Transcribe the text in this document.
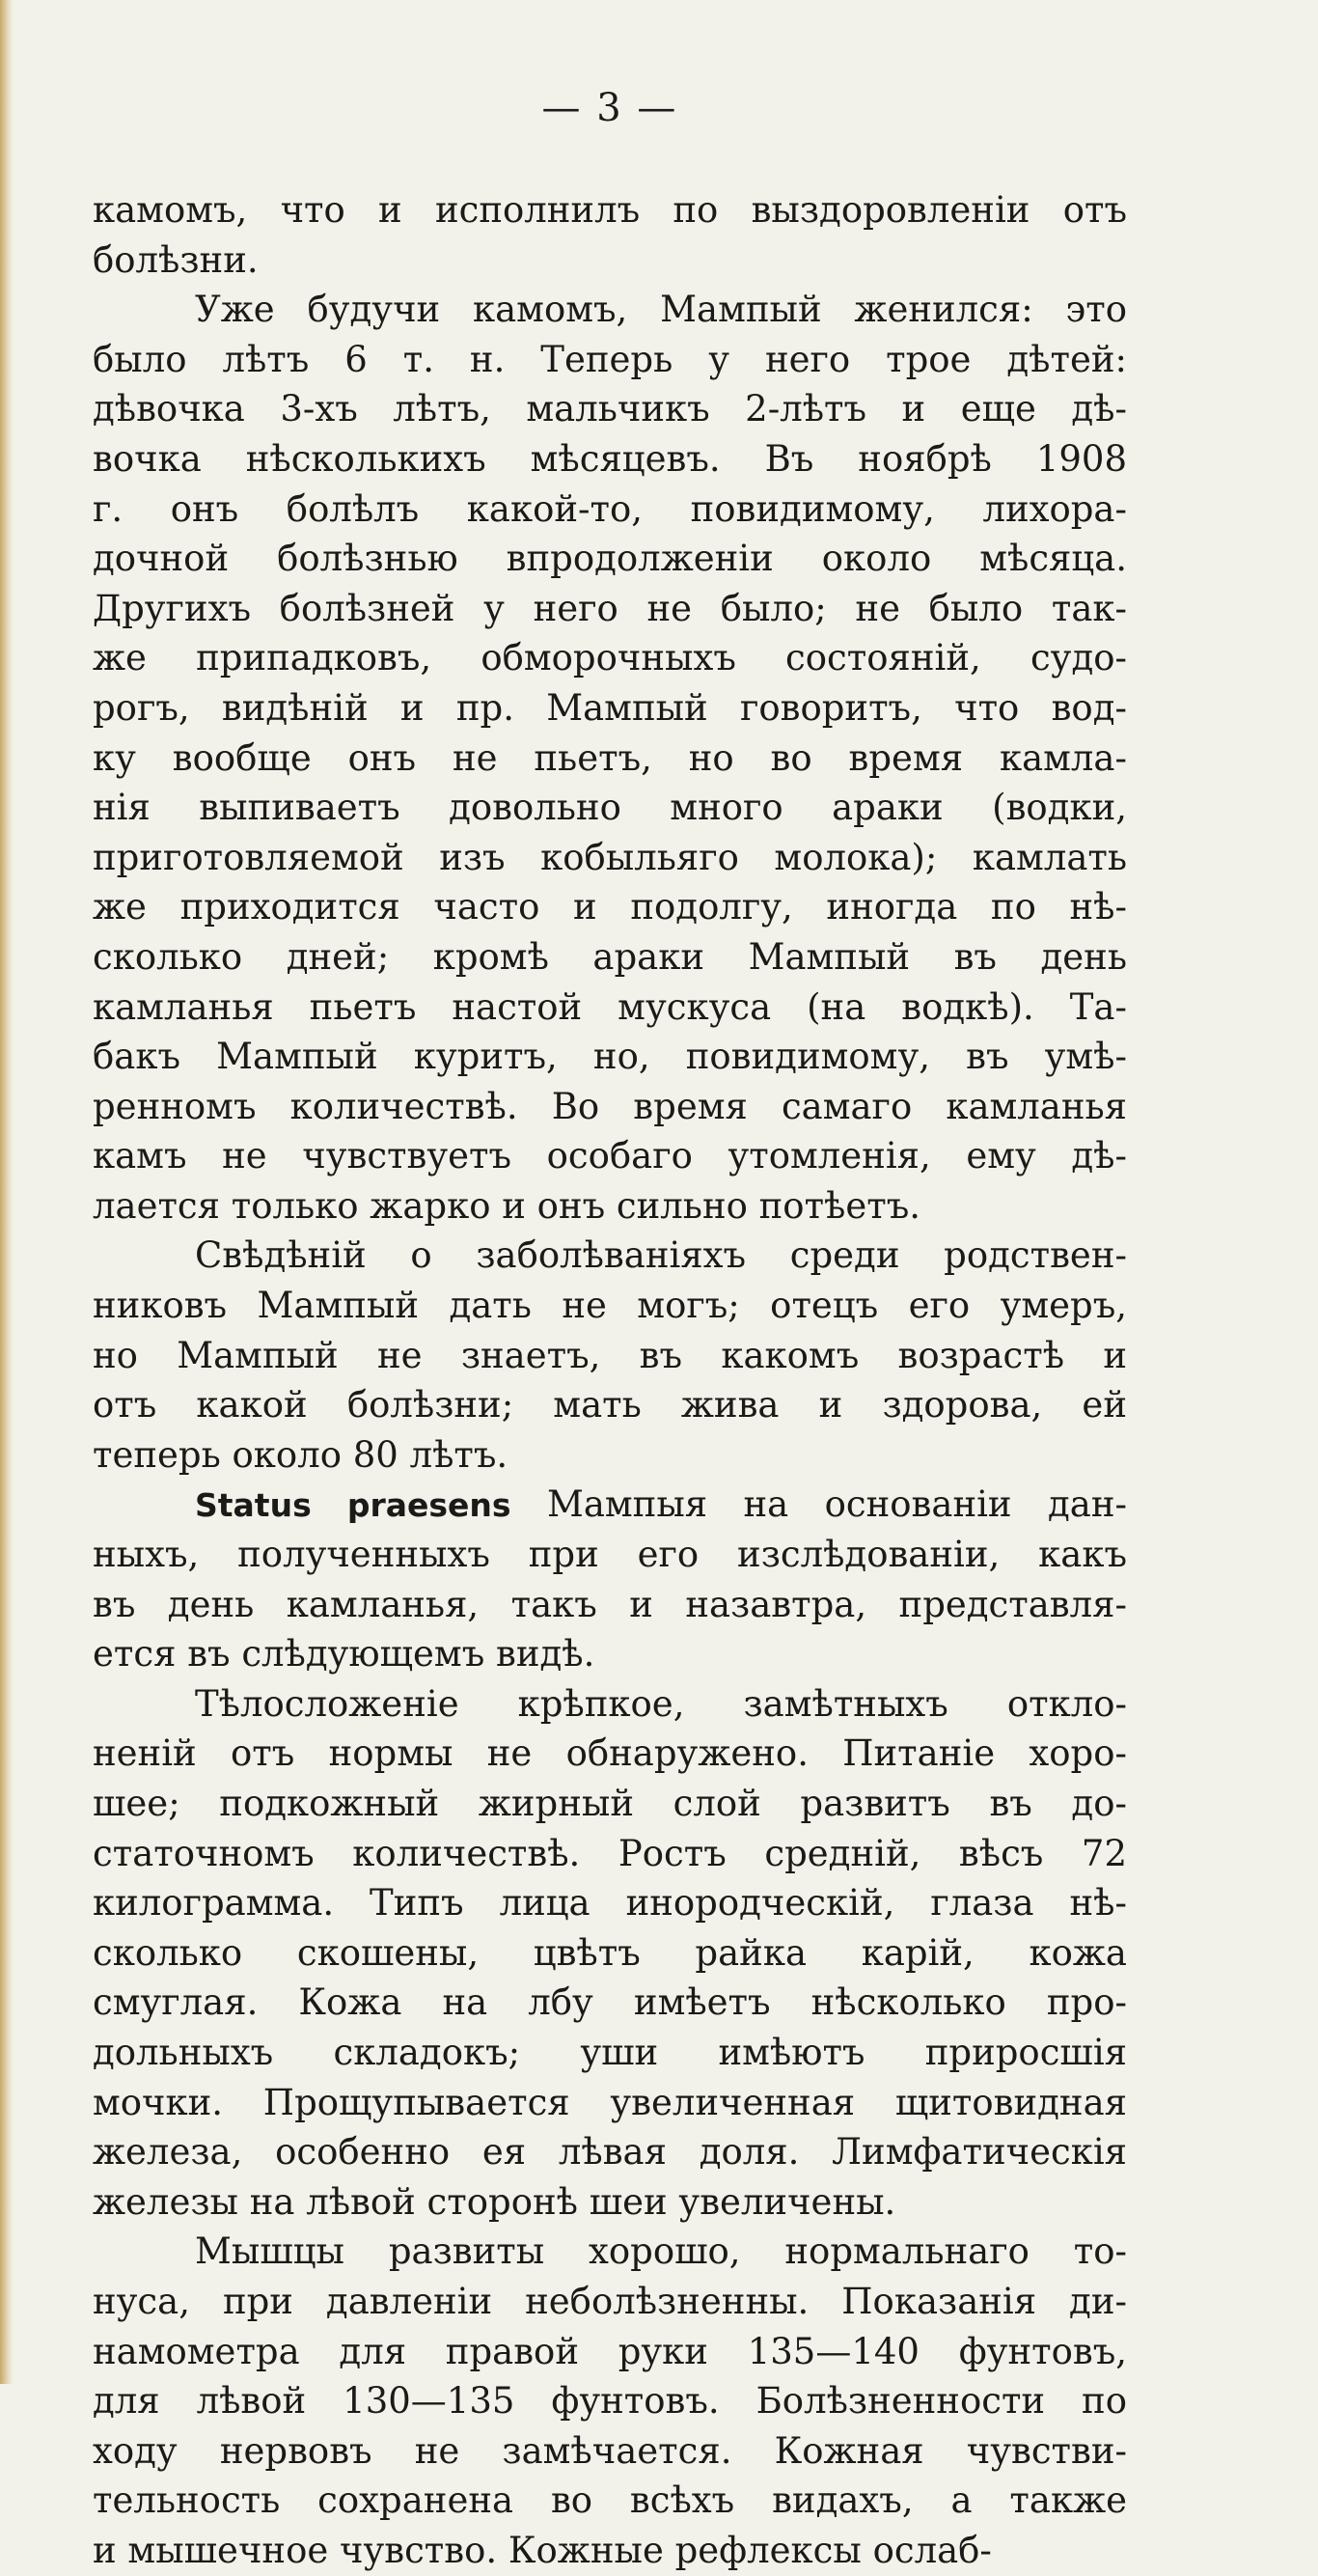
— 3 —
камомъ, что и исполнилъ по выздоровленіи отъ
болѣзни.
Уже будучи камомъ, Мампый женился: это
было лѣтъ 6 т. н. Теперь у него трое дѣтей:
дѣвочка 3-хъ лѣтъ, мальчикъ 2-лѣтъ и еще дѣ-
вочка нѣсколькихъ мѣсяцевъ. Въ ноябрѣ 1908
г. онъ болѣлъ какой-то, повидимому, лихора-
дочной болѣзнью впродолженіи около мѣсяца.
Другихъ болѣзней у него не было; не было так-
же припадковъ, обморочныхъ состояній, судо-
рогъ, видѣній и пр. Мампый говоритъ, что вод-
ку вообще онъ не пьетъ, но во время камла-
нія выпиваетъ довольно много араки (водки,
приготовляемой изъ кобыльяго молока); камлать
же приходится часто и подолгу, иногда по нѣ-
сколько дней; кромѣ араки Мампый въ день
камланья пьетъ настой мускуса (на водкѣ). Та-
бакъ Мампый куритъ, но, повидимому, въ умѣ-
ренномъ количествѣ. Во время самаго камланья
камъ не чувствуетъ особаго утомленія, ему дѣ-
лается только жарко и онъ сильно потѣетъ.
Свѣдѣній о заболѣваніяхъ среди родствен-
никовъ Мампый дать не могъ; отецъ его умеръ,
но Мампый не знаетъ, въ какомъ возрастѣ и
отъ какой болѣзни; мать жива и здорова, ей
теперь около 80 лѣтъ.
Status praesens Мампыя на основаніи дан-
ныхъ, полученныхъ при его изслѣдованіи, какъ
въ день камланья, такъ и назавтра, представля-
ется въ слѣдующемъ видѣ.
Тѣлосложеніе крѣпкое, замѣтныхъ откло-
неній отъ нормы не обнаружено. Питаніе хоро-
шее; подкожный жирный слой развитъ въ до-
статочномъ количествѣ. Ростъ средній, вѣсъ 72
килограмма. Типъ лица инородческій, глаза нѣ-
сколько скошены, цвѣтъ райка карій, кожа
смуглая. Кожа на лбу имѣетъ нѣсколько про-
дольныхъ складокъ; уши имѣютъ приросшія
мочки. Прощупывается увеличенная щитовидная
железа, особенно ея лѣвая доля. Лимфатическія
железы на лѣвой сторонѣ шеи увеличены.
Мышцы развиты хорошо, нормальнаго то-
нуса, при давленіи неболѣзненны. Показанія ди-
намометра для правой руки 135—140 фунтовъ,
для лѣвой 130—135 фунтовъ. Болѣзненности по
ходу нервовъ не замѣчается. Кожная чувстви-
тельность сохранена во всѣхъ видахъ, а также
и мышечное чувство. Кожные рефлексы ослаб-
